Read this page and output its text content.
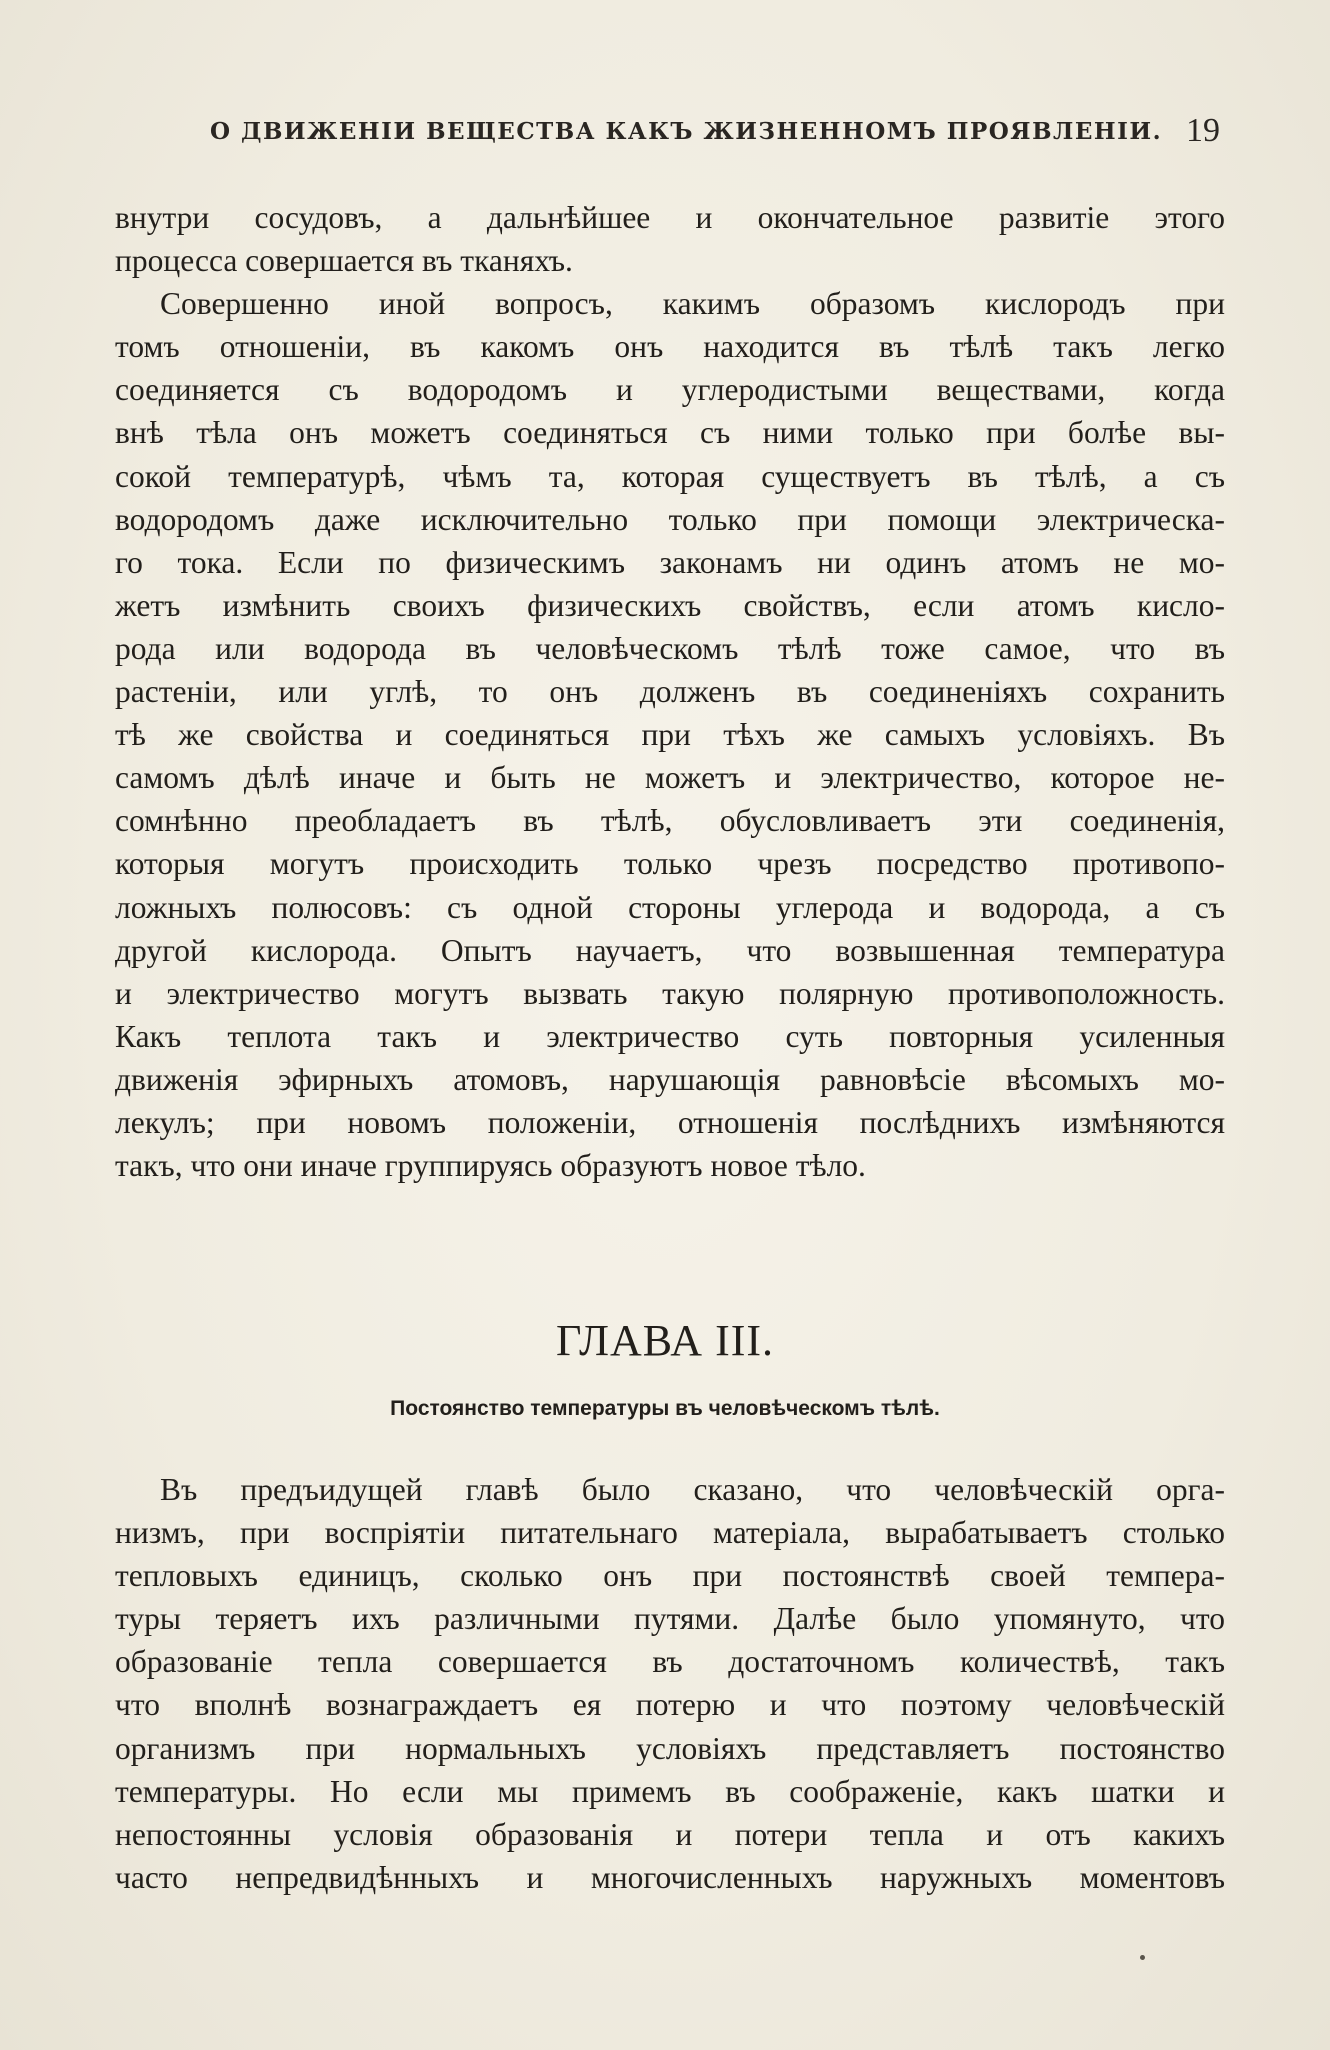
О ДВИЖЕНІИ ВЕЩЕСТВА КАКЪ ЖИЗНЕННОМЪ ПРОЯВЛЕНІИ. 19
внутри сосудовъ, а дальнѣйшее и окончательное развитіе этого
процесса совершается въ тканяхъ.
Совершенно иной вопросъ, какимъ образомъ кислородъ при
томъ отношеніи, въ какомъ онъ находится въ тѣлѣ такъ легко
соединяется съ водородомъ и углеродистыми веществами, когда
внѣ тѣла онъ можетъ соединяться съ ними только при болѣе вы-
сокой температурѣ, чѣмъ та, которая существуетъ въ тѣлѣ, а съ
водородомъ даже исключительно только при помощи электрическа-
го тока. Если по физическимъ законамъ ни одинъ атомъ не мо-
жетъ измѣнить своихъ физическихъ свойствъ, если атомъ кисло-
рода или водорода въ человѣческомъ тѣлѣ тоже самое, что въ
растеніи, или углѣ, то онъ долженъ въ соединеніяхъ сохранить
тѣ же свойства и соединяться при тѣхъ же самыхъ условіяхъ. Въ
самомъ дѣлѣ иначе и быть не можетъ и электричество, которое не-
сомнѣнно преобладаетъ въ тѣлѣ, обусловливаетъ эти соединенія,
которыя могутъ происходить только чрезъ посредство противопо-
ложныхъ полюсовъ: съ одной стороны углерода и водорода, а съ
другой кислорода. Опытъ научаетъ, что возвышенная температура
и электричество могутъ вызвать такую полярную противоположность.
Какъ теплота такъ и электричество суть повторныя усиленныя
движенія эфирныхъ атомовъ, нарушающія равновѣсіе вѣсомыхъ мо-
лекулъ; при новомъ положеніи, отношенія послѣднихъ измѣняются
такъ, что они иначе группируясь образуютъ новое тѣло.
ГЛАВА III.
Постоянство температуры въ человѣческомъ тѣлѣ.
Въ предъидущей главѣ было сказано, что человѣческій орга-
низмъ, при воспріятіи питательнаго матеріала, вырабатываетъ столько
тепловыхъ единицъ, сколько онъ при постоянствѣ своей темпера-
туры теряетъ ихъ различными путями. Далѣе было упомянуто, что
образованіе тепла совершается въ достаточномъ количествѣ, такъ
что вполнѣ вознаграждаетъ ея потерю и что поэтому человѣческій
организмъ при нормальныхъ условіяхъ представляетъ постоянство
температуры. Но если мы примемъ въ соображеніе, какъ шатки и
непостоянны условія образованія и потери тепла и отъ какихъ
часто непредвидѣнныхъ и многочисленныхъ наружныхъ моментовъ
